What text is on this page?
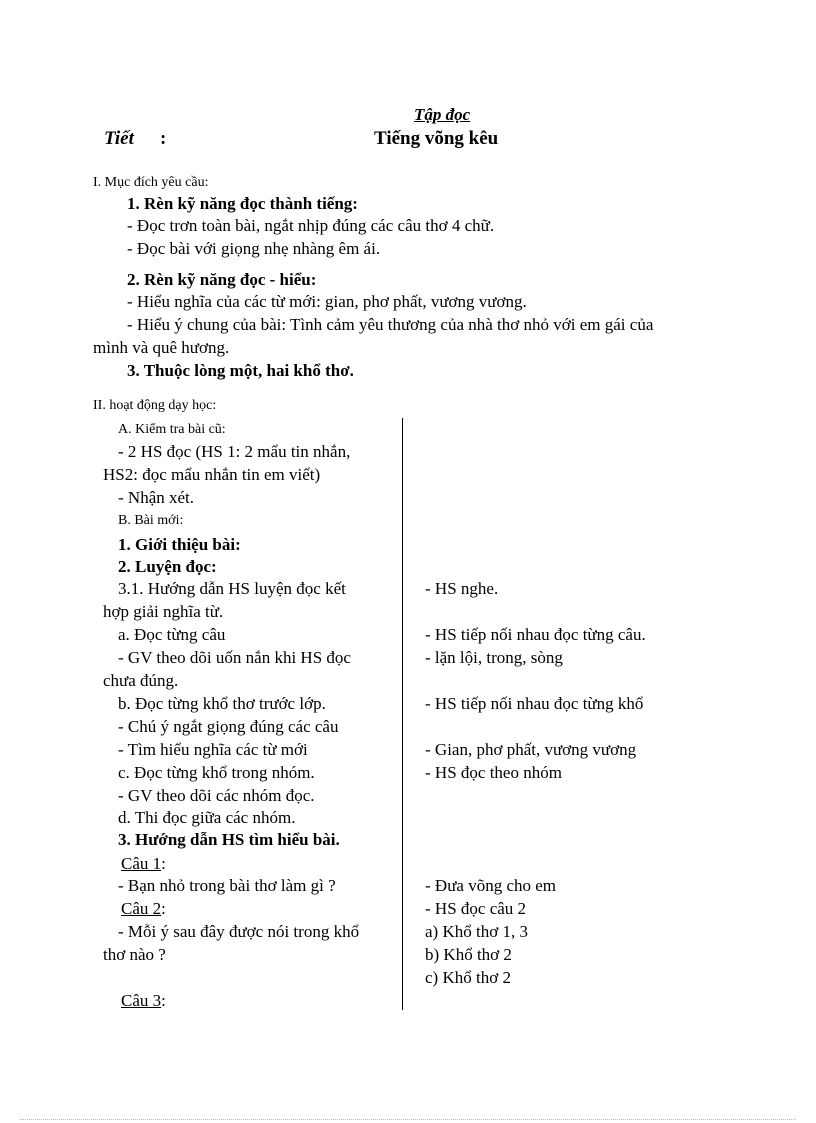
Tập đọc
Tiết :	Tiếng võng kêu
I. Mục đích yêu cầu:
1. Rèn kỹ năng đọc thành tiếng:
- Đọc trơn toàn bài, ngắt nhịp đúng các câu thơ 4 chữ.
- Đọc bài với giọng nhẹ nhàng êm ái.
2. Rèn kỹ năng đọc - hiểu:
- Hiểu nghĩa của các từ mới: gian, phơ phất, vương vương.
- Hiểu ý chung của bài: Tình cảm yêu thương của nhà thơ nhỏ với em gái của
mình và quê hương.
3. Thuộc lòng một, hai khổ thơ.
II. hoạt động dạy học:
A. Kiểm tra bài cũ:
- 2 HS đọc (HS 1: 2 mẩu tin nhắn,
HS2: đọc mẩu nhắn tin em viết)
- Nhận xét.
B. Bài mới:
1. Giới thiệu bài:
2. Luyện đọc:
3.1. Hướng dẫn HS luyện đọc kết
hợp giải nghĩa từ.
a. Đọc từng câu
- GV theo dõi uốn nắn khi HS đọc
chưa đúng.
b. Đọc từng khổ thơ trước lớp.
- Chú ý ngắt giọng đúng các câu
- Tìm hiểu nghĩa các từ mới
c. Đọc từng khổ trong nhóm.
- GV theo dõi các nhóm đọc.
d. Thi đọc giữa các nhóm.
3. Hướng dẫn HS tìm hiểu bài.
Câu 1:
- Bạn nhỏ trong bài thơ làm gì ?
Câu 2:
- Mỗi ý sau đây được nói trong khổ
thơ nào ?
Câu 3:
- HS nghe.
- HS tiếp nối nhau đọc từng câu.
- lặn lội, trong, sòng
- HS tiếp nối nhau đọc từng khổ
- Gian, phơ phất, vương vương
- HS đọc theo nhóm
- Đưa võng cho em
- HS đọc câu 2
a) Khổ thơ 1, 3
b) Khổ thơ 2
c) Khổ thơ 2
